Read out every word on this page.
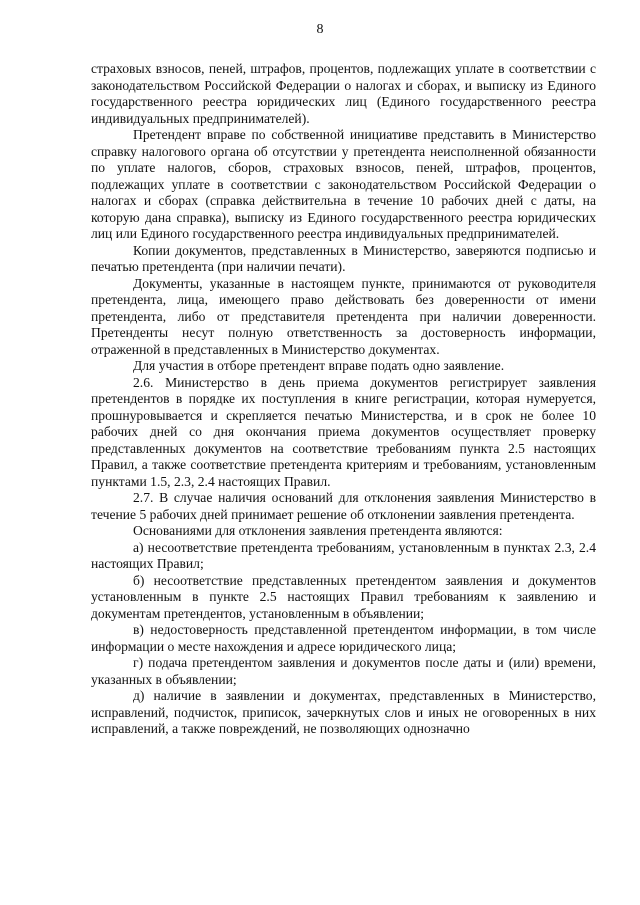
8

страховых взносов, пеней, штрафов, процентов, подлежащих уплате в соответствии с законодательством Российской Федерации о налогах и сборах, и выписку из Единого государственного реестра юридических лиц (Единого государственного реестра индивидуальных предпринимателей).

Претендент вправе по собственной инициативе представить в Министерство справку налогового органа об отсутствии у претендента неисполненной обязанности по уплате налогов, сборов, страховых взносов, пеней, штрафов, процентов, подлежащих уплате в соответствии с законодательством Российской Федерации о налогах и сборах (справка действительна в течение 10 рабочих дней с даты, на которую дана справка), выписку из Единого государственного реестра юридических лиц или Единого государственного реестра индивидуальных предпринимателей.

Копии документов, представленных в Министерство, заверяются подписью и печатью претендента (при наличии печати).

Документы, указанные в настоящем пункте, принимаются от руководителя претендента, лица, имеющего право действовать без доверенности от имени претендента, либо от представителя претендента при наличии доверенности. Претенденты несут полную ответственность за достоверность информации, отраженной в представленных в Министерство документах.

Для участия в отборе претендент вправе подать одно заявление.

2.6. Министерство в день приема документов регистрирует заявления претендентов в порядке их поступления в книге регистрации, которая нумеруется, прошнуровывается и скрепляется печатью Министерства, и в срок не более 10 рабочих дней со дня окончания приема документов осуществляет проверку представленных документов на соответствие требованиям пункта 2.5 настоящих Правил, а также соответствие претендента критериям и требованиям, установленным пунктами 1.5, 2.3, 2.4 настоящих Правил.

2.7. В случае наличия оснований для отклонения заявления Министерство в течение 5 рабочих дней принимает решение об отклонении заявления претендента.

Основаниями для отклонения заявления претендента являются:

а) несоответствие претендента требованиям, установленным в пунктах 2.3, 2.4 настоящих Правил;

б) несоответствие представленных претендентом заявления и документов установленным в пункте 2.5 настоящих Правил требованиям к заявлению и документам претендентов, установленным в объявлении;

в) недостоверность представленной претендентом информации, в том числе информации о месте нахождения и адресе юридического лица;

г) подача претендентом заявления и документов после даты и (или) времени, указанных в объявлении;

д) наличие в заявлении и документах, представленных в Министерство, исправлений, подчисток, приписок, зачеркнутых слов и иных не оговоренных в них исправлений, а также повреждений, не позволяющих однозначно
